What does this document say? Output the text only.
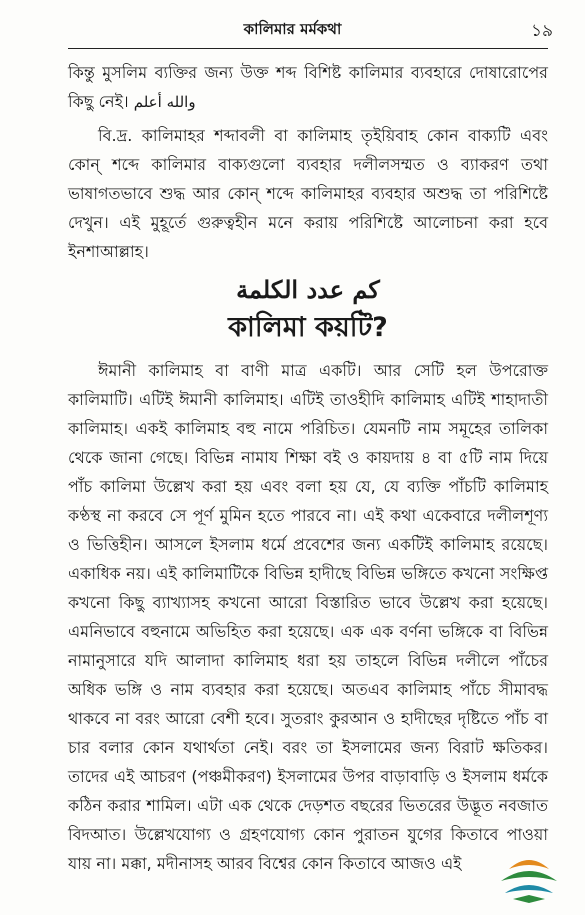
কালিমার মর্মকথা	১৯

কিন্তু মুসলিম ব্যক্তির জন্য উক্ত শব্দ বিশিষ্ট কালিমার ব্যবহারে দোষারোপের কিছু নেই। والله أعلم

বি.দ্র. কালিমাহর শব্দাবলী বা কালিমাহ তৃইয়িবাহ কোন বাক্যটি এবং কোন্ শব্দে কালিমার বাক্যগুলো ব্যবহার দলীলসম্মত ও ব্যাকরণ তথা ভাষাগতভাবে শুদ্ধ আর কোন্ শব্দে কালিমাহর ব্যবহার অশুদ্ধ তা পরিশিষ্টে দেখুন। এই মুহূর্তে গুরুত্বহীন মনে করায় পরিশিষ্টে আলোচনা করা হবে ইনশাআল্লাহ।

كم عدد الكلمة
কালিমা কয়টি?

ঈমানী কালিমাহ বা বাণী মাত্র একটি। আর সেটি হল উপরোক্ত কালিমাটি। এটিই ঈমানী কালিমাহ। এটিই তাওহীদি কালিমাহ এটিই শাহাদাতী কালিমাহ। একই কালিমাহ বহু নামে পরিচিত। যেমনটি নাম সমূহের তালিকা থেকে জানা গেছে। বিভিন্ন নামায শিক্ষা বই ও কায়দায় ৪ বা ৫টি নাম দিয়ে পাঁচ কালিমা উল্লেখ করা হয় এবং বলা হয় যে, যে ব্যক্তি পাঁচটি কালিমাহ কণ্ঠস্থ না করবে সে পূর্ণ মুমিন হতে পারবে না। এই কথা একেবারে দলীলশূণ্য ও ভিত্তিহীন। আসলে ইসলাম ধর্মে প্রবেশের জন্য একটিই কালিমাহ রয়েছে। একাধিক নয়। এই কালিমাটিকে বিভিন্ন হাদীছে বিভিন্ন ভঙ্গিতে কখনো সংক্ষিপ্ত কখনো কিছু ব্যাখ্যাসহ কখনো আরো বিস্তারিত ভাবে উল্লেখ করা হয়েছে। এমনিভাবে বহুনামে অভিহিত করা হয়েছে। এক এক বর্ণনা ভঙ্গিকে বা বিভিন্ন নামানুসারে যদি আলাদা কালিমাহ ধরা হয় তাহলে বিভিন্ন দলীলে পাঁচের অধিক ভঙ্গি ও নাম ব্যবহার করা হয়েছে। অতএব কালিমাহ পাঁচে সীমাবদ্ধ থাকবে না বরং আরো বেশী হবে। সুতরাং কুরআন ও হাদীছের দৃষ্টিতে পাঁচ বা চার বলার কোন যথার্থতা নেই। বরং তা ইসলামের জন্য বিরাট ক্ষতিকর। তাদের এই আচরণ (পঞ্চমীকরণ) ইসলামের উপর বাড়াবাড়ি ও ইসলাম ধর্মকে কঠিন করার শামিল। এটা এক থেকে দেড়শত বছরের ভিতরের উদ্ভূত নবজাত বিদআত। উল্লেখযোগ্য ও গ্রহণযোগ্য কোন পুরাতন যুগের কিতাবে পাওয়া যায় না। মক্কা, মদীনাসহ আরব বিশ্বের কোন কিতাবে আজও এই
